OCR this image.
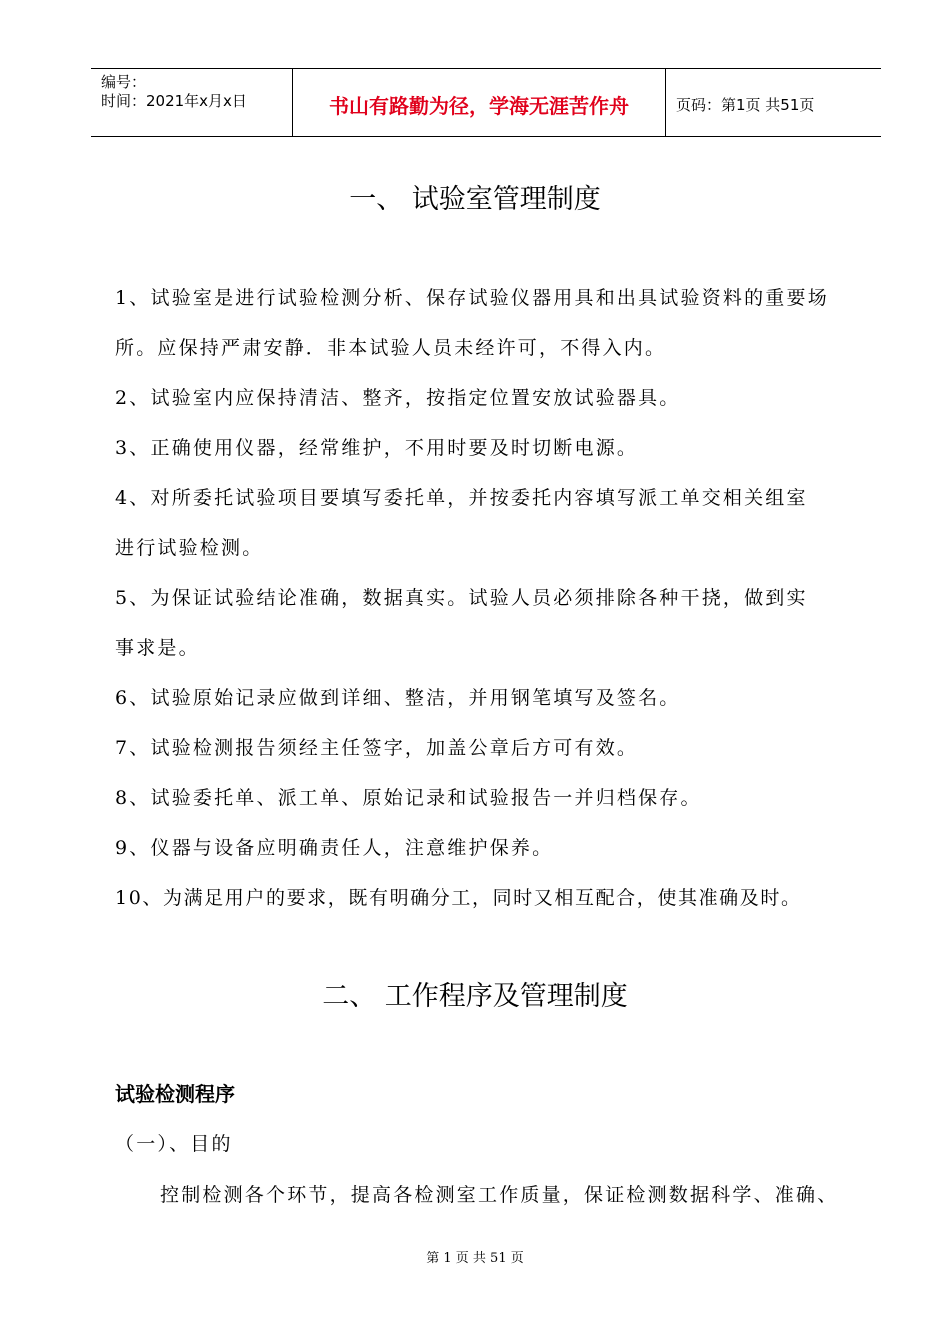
编号：
时间：2021年x月x日	书山有路勤为径，学海无涯苦作舟	页码：第1页 共51页
一、 试验室管理制度
1、试验室是进行试验检测分析、保存试验仪器用具和出具试验资料的重要场
所。应保持严肃安静．非本试验人员未经许可，不得入内。
2、试验室内应保持清洁、整齐，按指定位置安放试验器具。
3、正确使用仪器，经常维护，不用时要及时切断电源。
4、对所委托试验项目要填写委托单，并按委托内容填写派工单交相关组室
进行试验检测。
5、为保证试验结论准确，数据真实。试验人员必须排除各种干挠，做到实
事求是。
6、试验原始记录应做到详细、整洁，并用钢笔填写及签名。
7、试验检测报告须经主任签字，加盖公章后方可有效。
8、试验委托单、派工单、原始记录和试验报告一并归档保存。
9、仪器与设备应明确责任人，注意维护保养。
10、为满足用户的要求，既有明确分工，同时又相互配合，使其准确及时。
二、 工作程序及管理制度
试验检测程序
（一）、目的
控制检测各个环节，提高各检测室工作质量，保证检测数据科学、准确、
第 1 页 共 51 页
